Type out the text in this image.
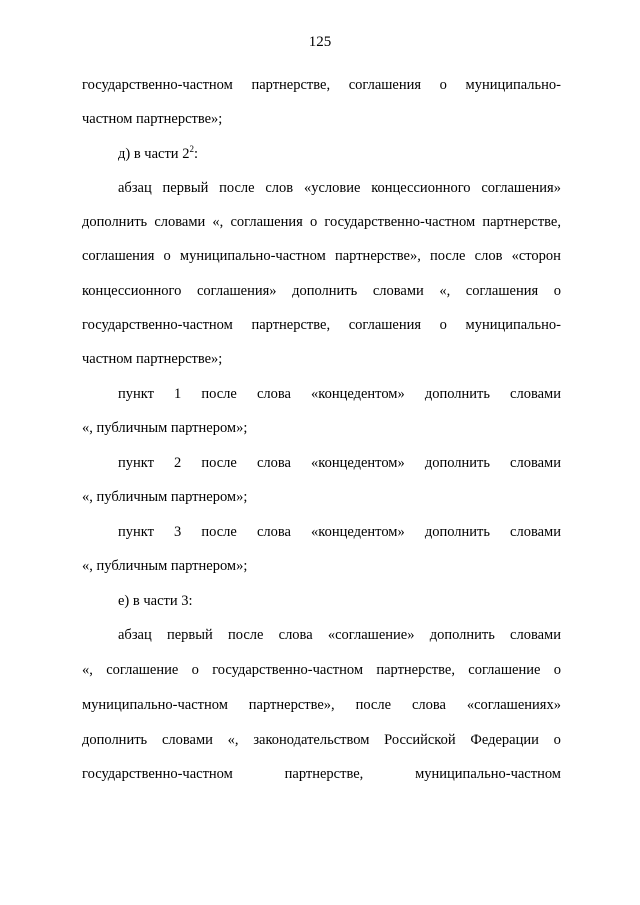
125
государственно-частном партнерстве, соглашения о муниципально-
частном партнерстве»;
д) в части $2^2$:
абзац первый после слов «условие концессионного соглашения»
дополнить словами «, соглашения о государственно-частном партнерстве,
соглашения о муниципально-частном партнерстве», после слов «сторон
концессионного соглашения» дополнить словами «, соглашения о
государственно-частном партнерстве, соглашения о муниципально-
частном партнерстве»;
пункт 1 после слова «концедентом» дополнить словами
«, публичным партнером»;
пункт 2 после слова «концедентом» дополнить словами
«, публичным партнером»;
пункт 3 после слова «концедентом» дополнить словами
«, публичным партнером»;
е) в части 3:
абзац первый после слова «соглашение» дополнить словами
«, соглашение о государственно-частном партнерстве, соглашение о
муниципально-частном партнерстве», после слова «соглашениях»
дополнить словами «, законодательством Российской Федерации о
государственно-частном	партнерстве,	муниципально-частном
